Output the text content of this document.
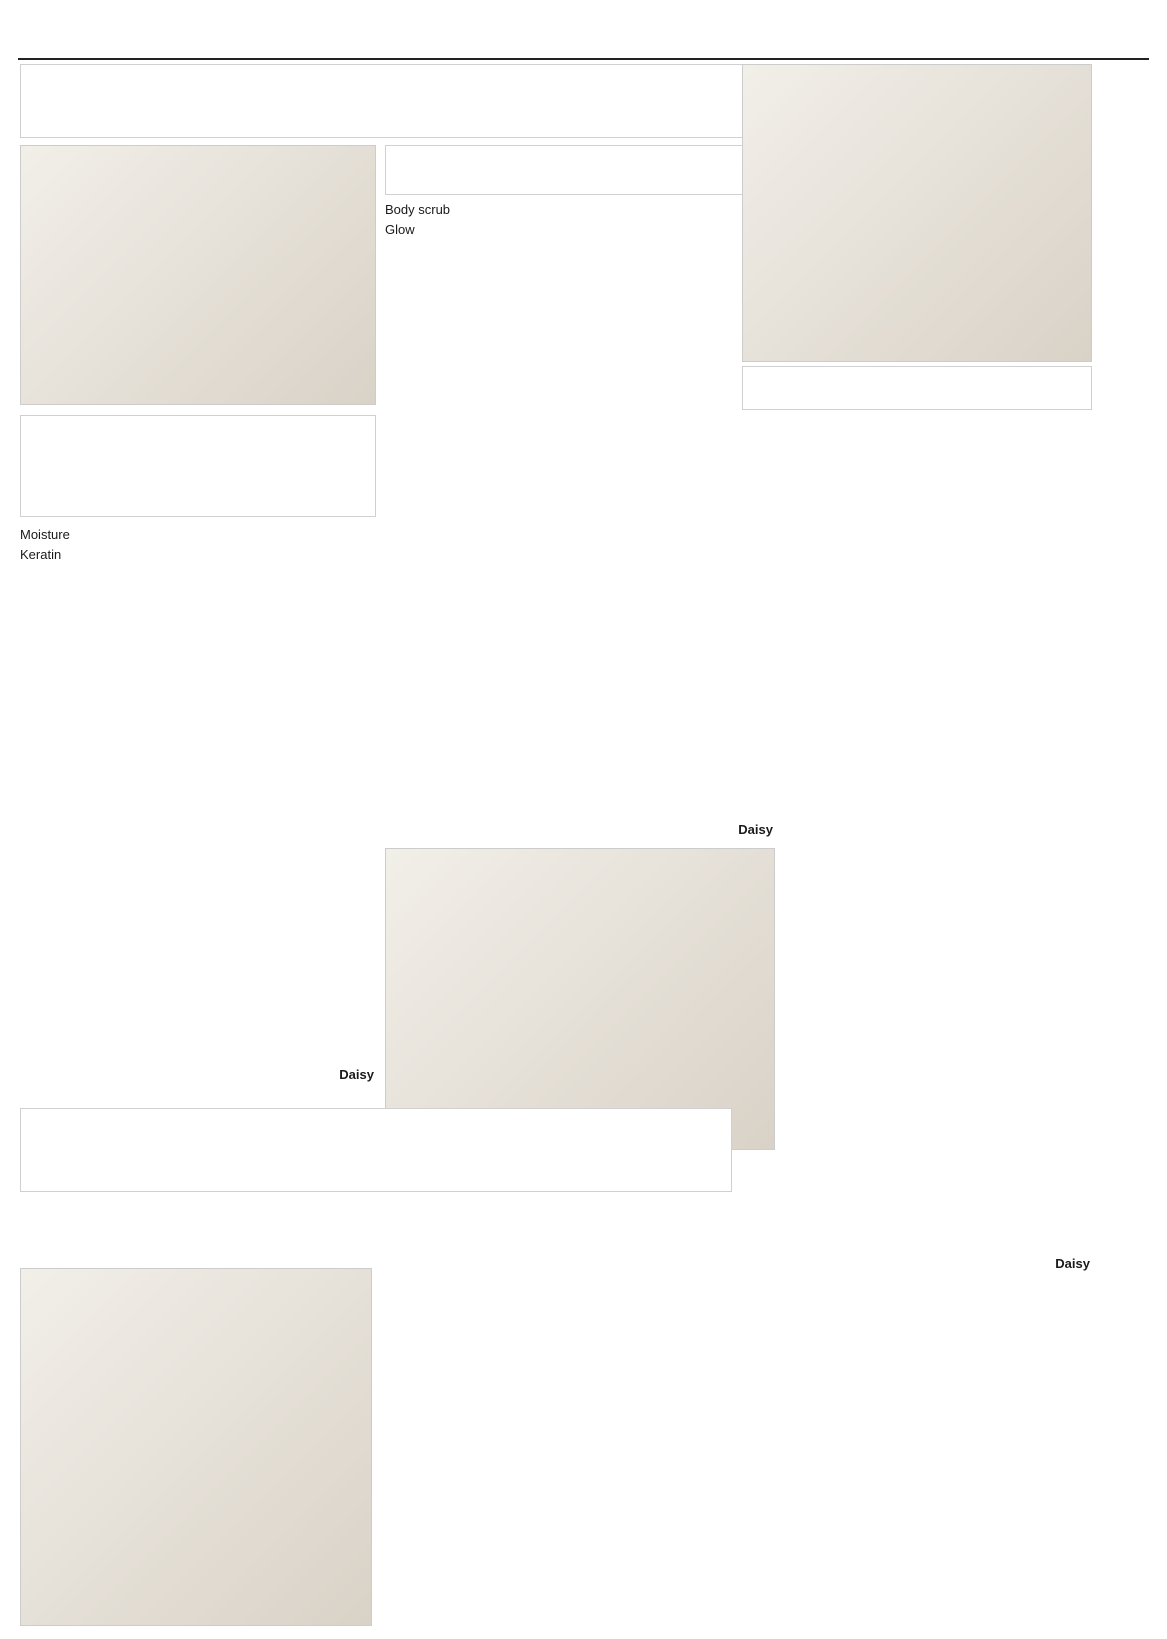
Moisture
Keratin
Daisy
Body scrub
Glow
Daisy
Daisy
